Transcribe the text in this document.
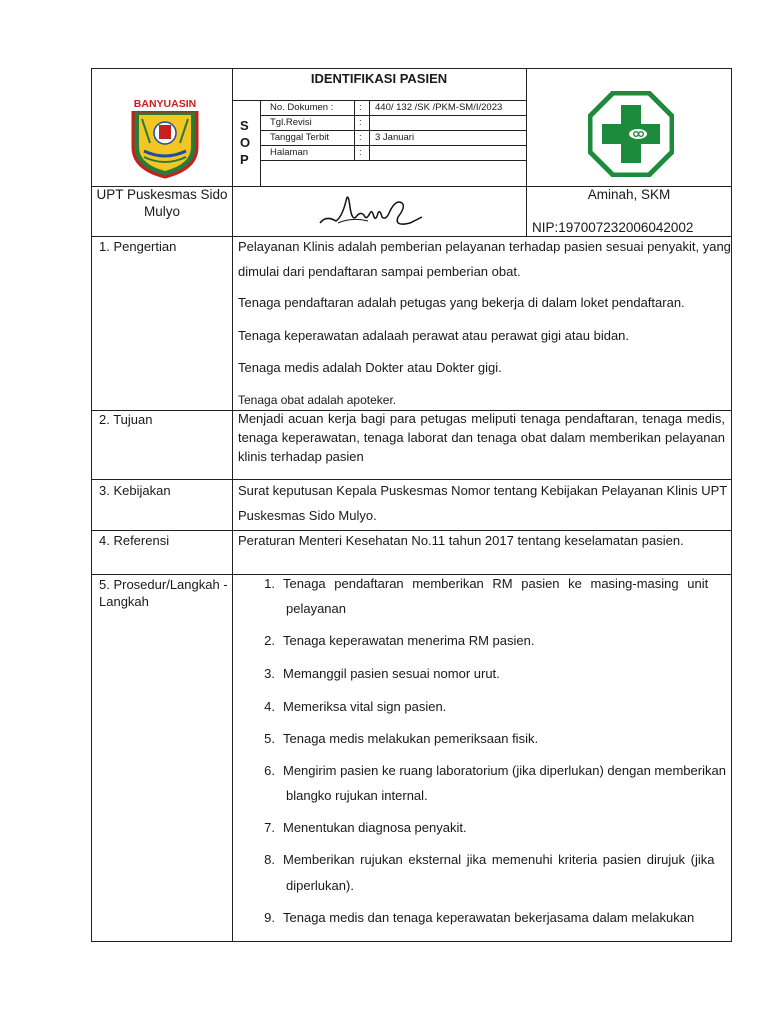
BANYUASIN
IDENTIFIKASI PASIEN
S
O
P
No. Dokumen :	: 440/ 132 /SK /PKM-SM/I/2023
Tgl.Revisi	:
Tanggal Terbit	: 3 Januari
Halaman	:
UPT Puskesmas Sido
Mulyo
Aminah, SKM
NIP:197007232006042002
1. Pengertian	Pelayanan Klinis adalah pemberian pelayanan terhadap pasien sesuai penyakit, yang
dimulai dari pendaftaran sampai pemberian obat.
Tenaga pendaftaran adalah petugas yang bekerja di dalam loket pendaftaran.
Tenaga keperawatan adalaah perawat atau perawat gigi atau bidan.
Tenaga medis adalah Dokter atau Dokter gigi.
Tenaga obat adalah apoteker.
2. Tujuan	Menjadi acuan kerja bagi para petugas meliputi tenaga pendaftaran, tenaga medis, tenaga keperawatan, tenaga laborat dan tenaga obat dalam memberikan pelayanan klinis terhadap pasien
3. Kebijakan	Surat keputusan Kepala Puskesmas Nomor tentang Kebijakan Pelayanan Klinis UPT
Puskesmas Sido Mulyo.
4. Referensi	Peraturan Menteri Kesehatan No.11 tahun 2017 tentang keselamatan pasien.
5. Prosedur/Langkah -
Langkah
1. Tenaga pendaftaran memberikan RM pasien ke masing-masing unit
pelayanan
2. Tenaga keperawatan menerima RM pasien.
3. Memanggil pasien sesuai nomor urut.
4. Memeriksa vital sign pasien.
5. Tenaga medis melakukan pemeriksaan fisik.
6. Mengirim pasien ke ruang laboratorium (jika diperlukan) dengan memberikan
blangko rujukan internal.
7. Menentukan diagnosa penyakit.
8. Memberikan rujukan eksternal jika memenuhi kriteria pasien dirujuk (jika
diperlukan).
9. Tenaga medis dan tenaga keperawatan bekerjasama dalam melakukan
